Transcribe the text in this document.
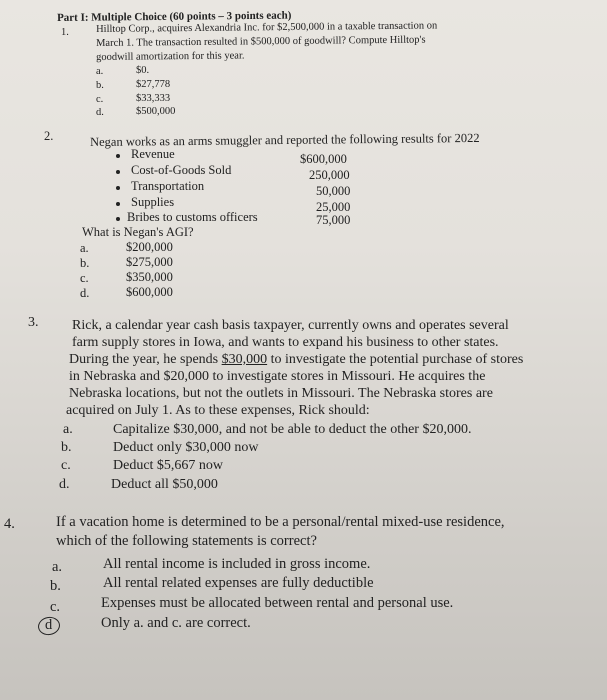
Part I: Multiple Choice (60 points – 3 points each)
1.	Hilltop Corp., acquires Alexandria Inc. for $2,500,000 in a taxable transaction on
March 1. The transaction resulted in $500,000 of goodwill? Compute Hilltop's
goodwill amortization for this year.
a.	$0.
b.	$27,778
c.	$33,333
d.	$500,000
2.	Negan works as an arms smuggler and reported the following results for 2022
Revenue	$600,000
Cost-of-Goods Sold	250,000
Transportation	50,000
Supplies	25,000
Bribes to customs officers	75,000
What is Negan's AGI?
a.	$200,000
b.	$275,000
c.	$350,000
d.	$600,000
3. Rick, a calendar year cash basis taxpayer, currently owns and operates several
farm supply stores in Iowa, and wants to expand his business to other states.
During the year, he spends $30,000 to investigate the potential purchase of stores
in Nebraska and $20,000 to investigate stores in Missouri. He acquires the
Nebraska locations, but not the outlets in Missouri. The Nebraska stores are
acquired on July 1. As to these expenses, Rick should:
a.	Capitalize $30,000, and not be able to deduct the other $20,000.
b.	Deduct only $30,000 now
c.	Deduct $5,667 now
d.	Deduct all $50,000
4.	If a vacation home is determined to be a personal/rental mixed-use residence,
which of the following statements is correct?
a.	All rental income is included in gross income.
b.	All rental related expenses are fully deductible
c.	Expenses must be allocated between rental and personal use.
d	Only a. and c. are correct.
